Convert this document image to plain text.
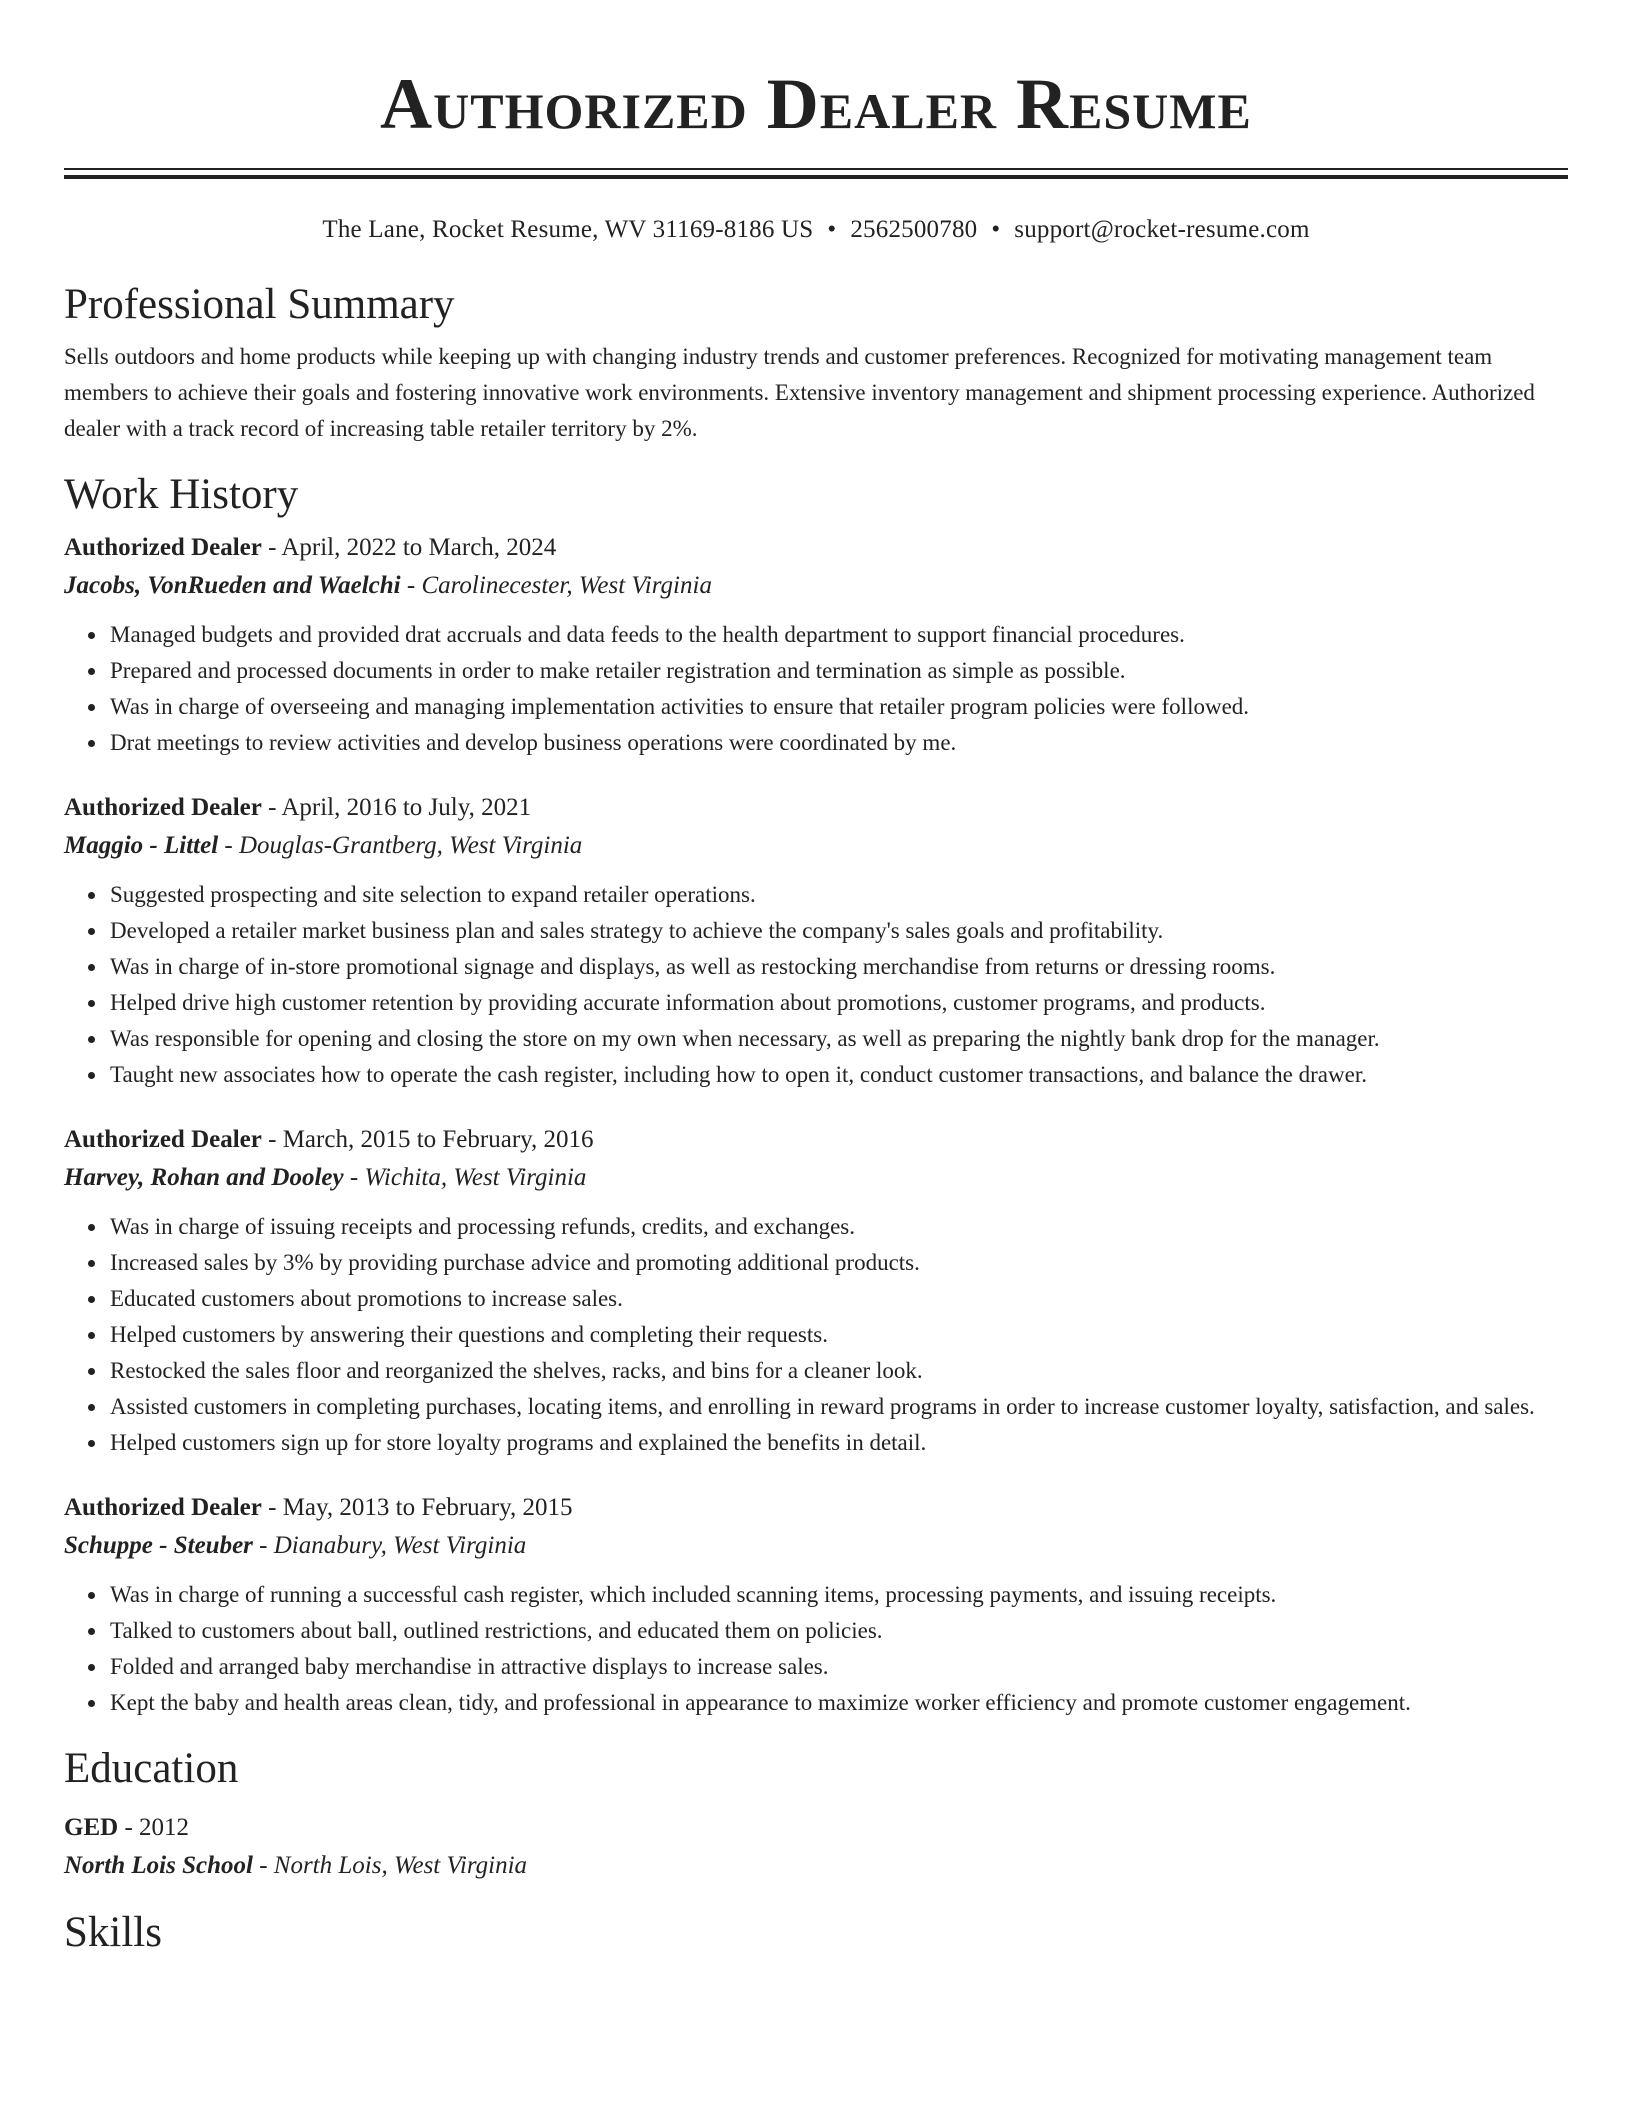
Authorized Dealer Resume
The Lane, Rocket Resume, WV 31169-8186 US • 2562500780 • support@rocket-resume.com
Professional Summary

Sells outdoors and home products while keeping up with changing industry trends and customer preferences. Recognized for motivating management team members to achieve their goals and fostering innovative work environments. Extensive inventory management and shipment processing experience. Authorized dealer with a track record of increasing table retailer territory by 2%.

Work History
Authorized Dealer - April, 2022 to March, 2024
Jacobs, VonRueden and Waelchi - Carolinecester, West Virginia
• Managed budgets and provided drat accruals and data feeds to the health department to support financial procedures.
• Prepared and processed documents in order to make retailer registration and termination as simple as possible.
• Was in charge of overseeing and managing implementation activities to ensure that retailer program policies were followed.
• Drat meetings to review activities and develop business operations were coordinated by me.
Authorized Dealer - April, 2016 to July, 2021
Maggio - Littel - Douglas-Grantberg, West Virginia
• Suggested prospecting and site selection to expand retailer operations.
• Developed a retailer market business plan and sales strategy to achieve the company's sales goals and profitability.
• Was in charge of in-store promotional signage and displays, as well as restocking merchandise from returns or dressing rooms.
• Helped drive high customer retention by providing accurate information about promotions, customer programs, and products.
• Was responsible for opening and closing the store on my own when necessary, as well as preparing the nightly bank drop for the manager.
• Taught new associates how to operate the cash register, including how to open it, conduct customer transactions, and balance the drawer.
Authorized Dealer - March, 2015 to February, 2016
Harvey, Rohan and Dooley - Wichita, West Virginia
• Was in charge of issuing receipts and processing refunds, credits, and exchanges.
• Increased sales by 3% by providing purchase advice and promoting additional products.
• Educated customers about promotions to increase sales.
• Helped customers by answering their questions and completing their requests.
• Restocked the sales floor and reorganized the shelves, racks, and bins for a cleaner look.
• Assisted customers in completing purchases, locating items, and enrolling in reward programs in order to increase customer loyalty, satisfaction, and sales.
• Helped customers sign up for store loyalty programs and explained the benefits in detail.
Authorized Dealer - May, 2013 to February, 2015
Schuppe - Steuber - Dianabury, West Virginia
• Was in charge of running a successful cash register, which included scanning items, processing payments, and issuing receipts.
• Talked to customers about ball, outlined restrictions, and educated them on policies.
• Folded and arranged baby merchandise in attractive displays to increase sales.
• Kept the baby and health areas clean, tidy, and professional in appearance to maximize worker efficiency and promote customer engagement.
Education
GED - 2012
North Lois School - North Lois, West Virginia
Skills
